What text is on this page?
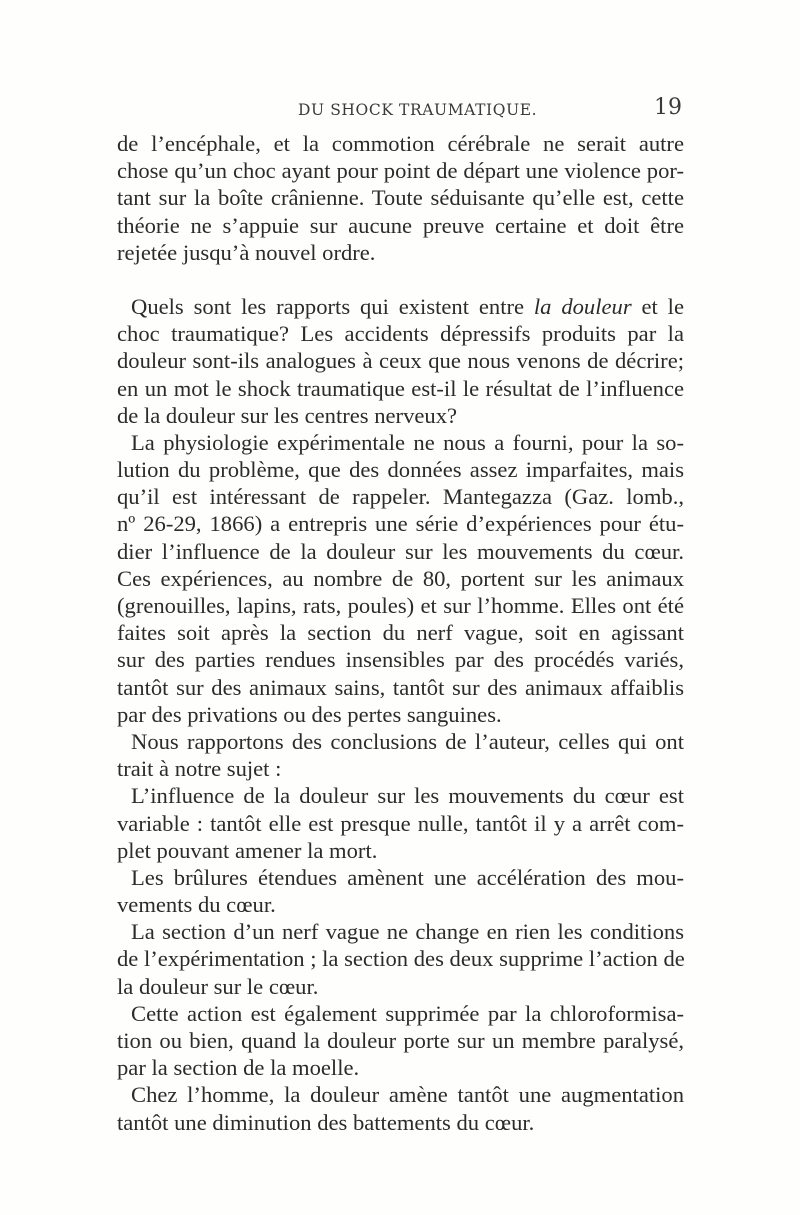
DU SHOCK TRAUMATIQUE.	19
de l’encéphale, et la commotion cérébrale ne serait autre
chose qu’un choc ayant pour point de départ une violence por-
tant sur la boîte crânienne. Toute séduisante qu’elle est, cette
théorie ne s’appuie sur aucune preuve certaine et doit être
rejetée jusqu’à nouvel ordre.
Quels sont les rapports qui existent entre la douleur et le
choc traumatique? Les accidents dépressifs produits par la
douleur sont-ils analogues à ceux que nous venons de décrire;
en un mot le shock traumatique est-il le résultat de l’influence
de la douleur sur les centres nerveux?
La physiologie expérimentale ne nous a fourni, pour la so-
lution du problème, que des données assez imparfaites, mais
qu’il est intéressant de rappeler. Mantegazza (Gaz. lomb.,
nº 26-29, 1866) a entrepris une série d’expériences pour étu-
dier l’influence de la douleur sur les mouvements du cœur.
Ces expériences, au nombre de 80, portent sur les animaux
(grenouilles, lapins, rats, poules) et sur l’homme. Elles ont été
faites soit après la section du nerf vague, soit en agissant
sur des parties rendues insensibles par des procédés variés,
tantôt sur des animaux sains, tantôt sur des animaux affaiblis
par des privations ou des pertes sanguines.
Nous rapportons des conclusions de l’auteur, celles qui ont
trait à notre sujet :
L’influence de la douleur sur les mouvements du cœur est
variable : tantôt elle est presque nulle, tantôt il y a arrêt com-
plet pouvant amener la mort.
Les brûlures étendues amènent une accélération des mou-
vements du cœur.
La section d’un nerf vague ne change en rien les conditions
de l’expérimentation ; la section des deux supprime l’action de
la douleur sur le cœur.
Cette action est également supprimée par la chloroformisa-
tion ou bien, quand la douleur porte sur un membre paralysé,
par la section de la moelle.
Chez l’homme, la douleur amène tantôt une augmentation
tantôt une diminution des battements du cœur.
